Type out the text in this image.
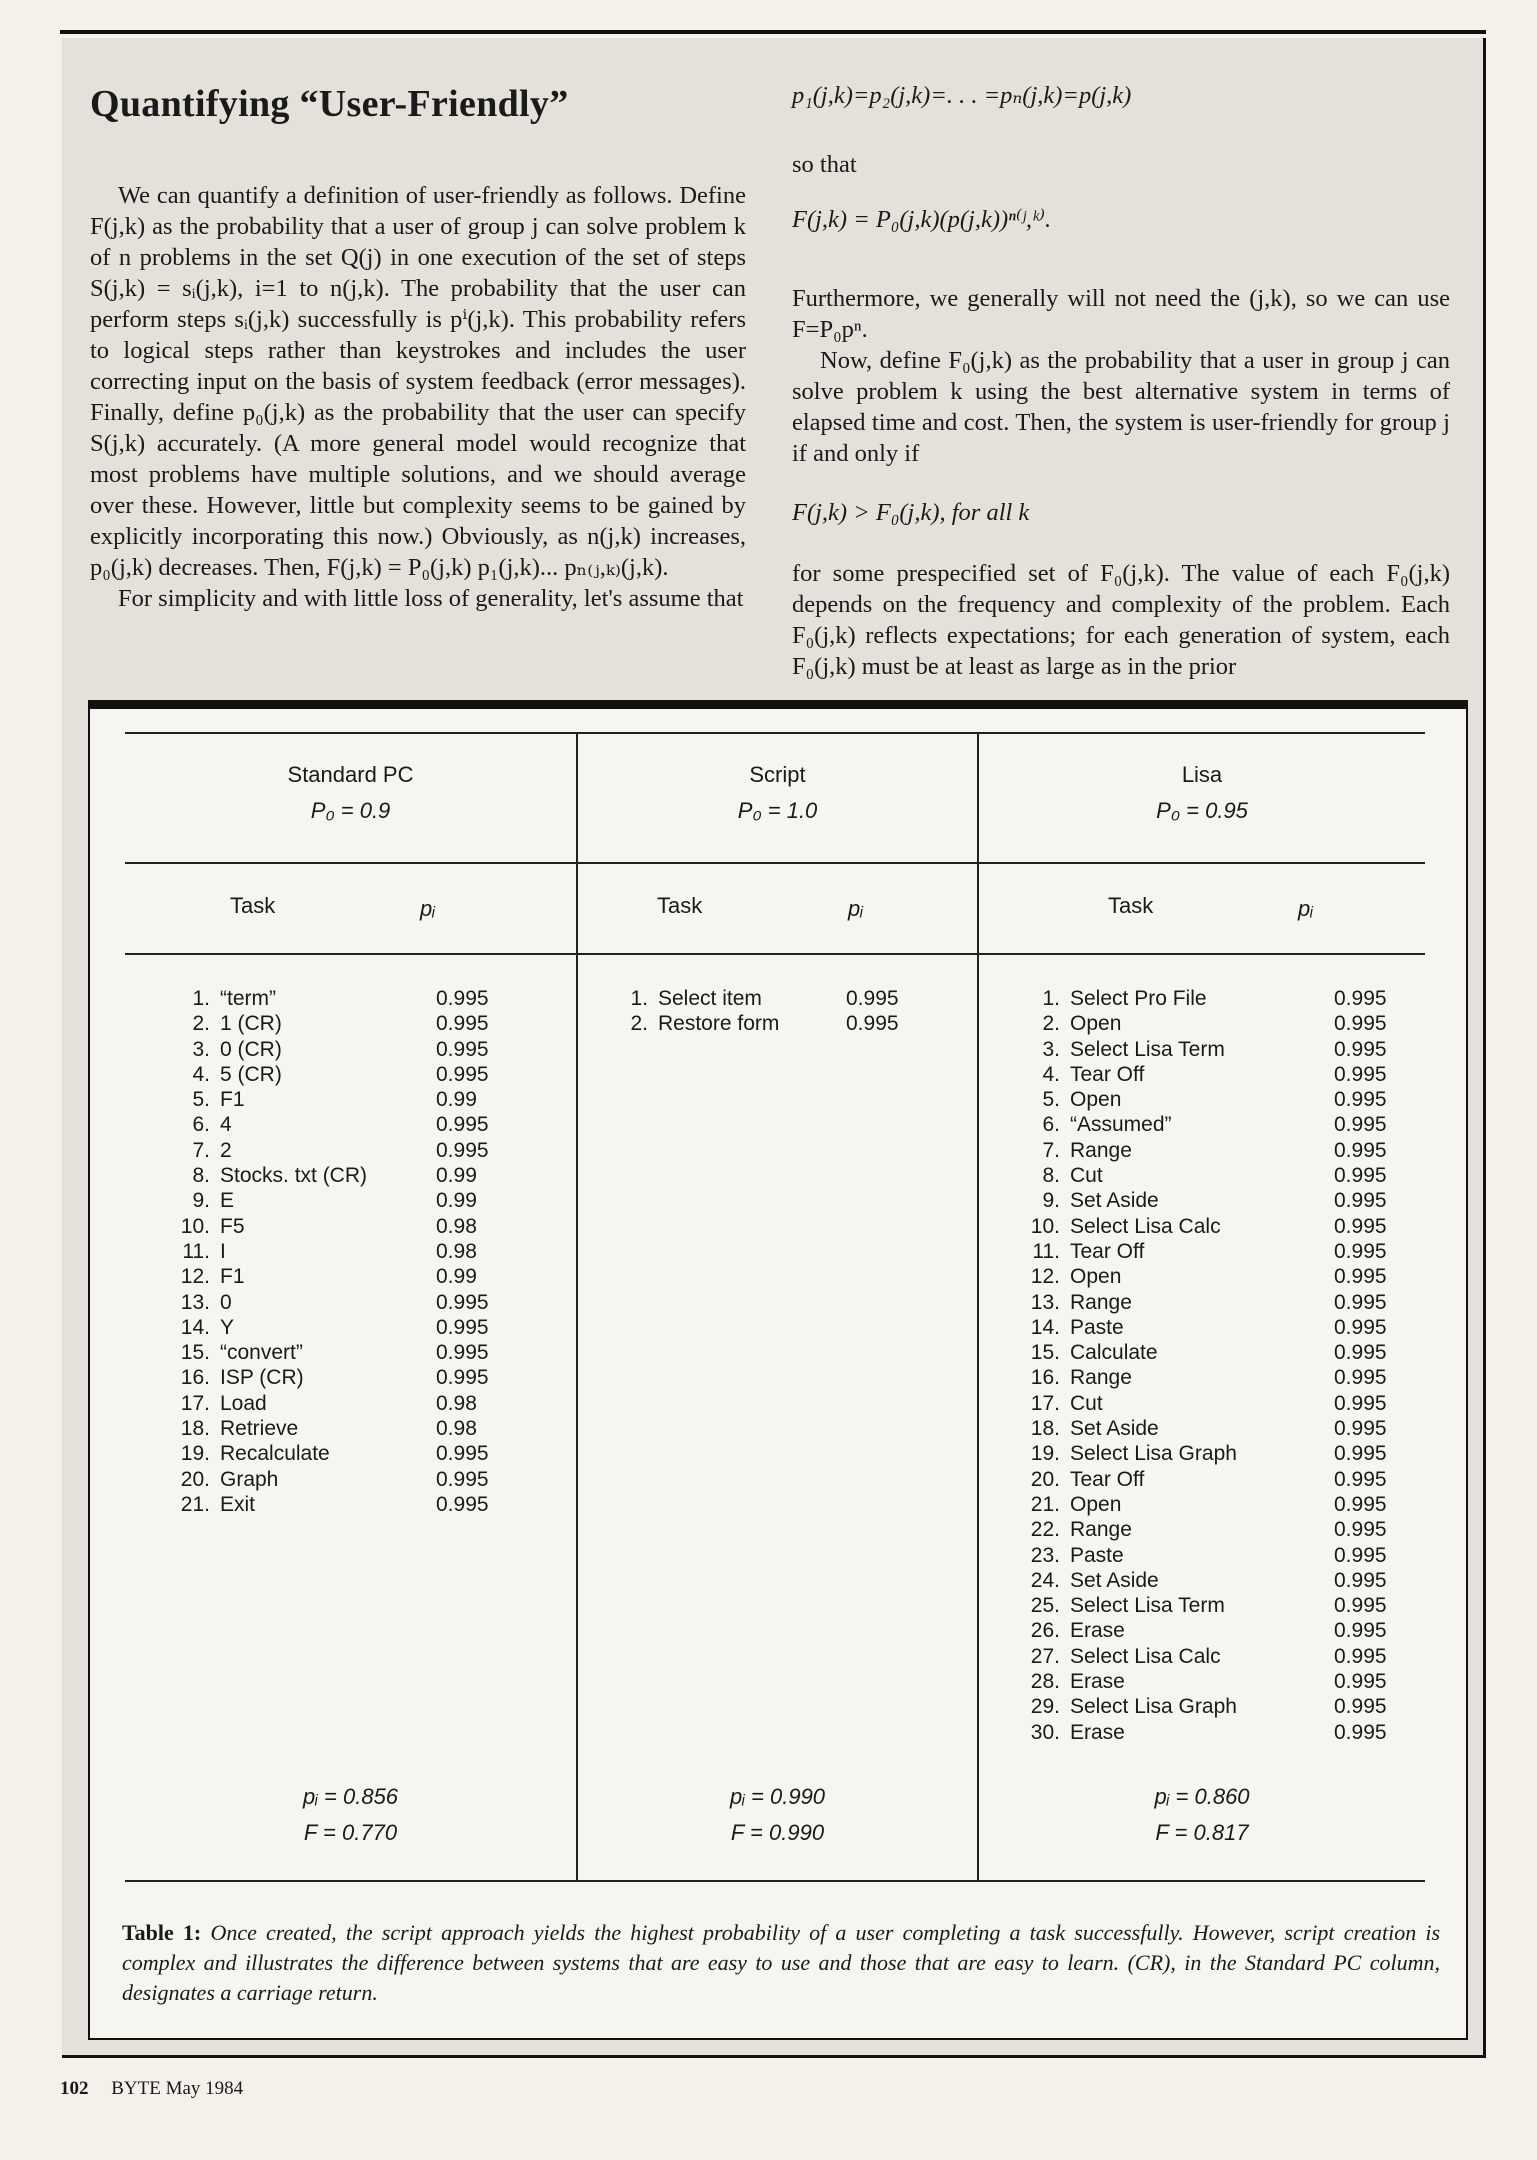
Quantifying “User-Friendly”

We can quantify a definition of user-friendly as follows. Define F(j,k) as the probability that a user of group j can solve problem k of n problems in the set Q(j) in one execution of the set of steps S(j,k) = sᵢ(j,k), i=1 to n(j,k). The probability that the user can perform steps sᵢ(j,k) successfully is pⁱ(j,k). This probability refers to logical steps rather than keystrokes and includes the user correcting input on the basis of system feedback (error messages). Finally, define p₀(j,k) as the probability that the user can specify S(j,k) accurately. (A more general model would recognize that most problems have multiple solutions, and we should average over these. However, little but complexity seems to be gained by explicitly incorporating this now.) Obviously, as n(j,k) increases, p₀(j,k) decreases. Then, F(j,k) = P₀(j,k) p₁(j,k)... pₙ₍ⱼ,ₖ₎(j,k).

For simplicity and with little loss of generality, let's assume that

p₁(j,k)=p₂(j,k)=. . . =pₙ(j,k)=p(j,k)

so that

F(j,k) = P₀(j,k)(p(j,k))ⁿ⁽ʲ,ᵏ⁾.

Furthermore, we generally will not need the (j,k), so we can use F=P₀pⁿ.

Now, define F₀(j,k) as the probability that a user in group j can solve problem k using the best alternative system in terms of elapsed time and cost. Then, the system is user-friendly for group j if and only if

F(j,k) > F₀(j,k), for all k

for some prespecified set of F₀(j,k). The value of each F₀(j,k) depends on the frequency and complexity of the problem. Each F₀(j,k) reflects expectations; for each generation of system, each F₀(j,k) must be at least as large as in the prior

Standard PC
P₀ = 0.9
Task	pᵢ
Script
P₀ = 1.0
Task	pᵢ
Lisa
P₀ = 0.95
Task	pᵢ
1. “term”	0.995
2. 1 (CR)	0.995
3. 0 (CR)	0.995
4. 5 (CR)	0.995
5. F1	0.99
6. 4	0.995
7. 2	0.995
8. Stocks. txt (CR)	0.99
9. E	0.99
10. F5	0.98
11. I	0.98
12. F1	0.99
13. 0	0.995
14. Y	0.995
15. “convert”	0.995
16. ISP (CR)	0.995
17. Load	0.98
18. Retrieve	0.98
19. Recalculate	0.995
20. Graph	0.995
21. Exit	0.995
1. Select item	0.995
2. Restore form	0.995
1. Select Pro File	0.995
2. Open	0.995
3. Select Lisa Term	0.995
4. Tear Off	0.995
5. Open	0.995
6. “Assumed”	0.995
7. Range	0.995
8. Cut	0.995
9. Set Aside	0.995
10. Select Lisa Calc	0.995
11. Tear Off	0.995
12. Open	0.995
13. Range	0.995
14. Paste	0.995
15. Calculate	0.995
16. Range	0.995
17. Cut	0.995
18. Set Aside	0.995
19. Select Lisa Graph	0.995
20. Tear Off	0.995
21. Open	0.995
22. Range	0.995
23. Paste	0.995
24. Set Aside	0.995
25. Select Lisa Term	0.995
26. Erase	0.995
27. Select Lisa Calc	0.995
28. Erase	0.995
29. Select Lisa Graph	0.995
30. Erase	0.995
pᵢ = 0.856
F = 0.770
pᵢ = 0.990
F = 0.990
pᵢ = 0.860
F = 0.817
Table 1: Once created, the script approach yields the highest probability of a user completing a task successfully. However, script creation is complex and illustrates the difference between systems that are easy to use and those that are easy to learn. (CR), in the Standard PC column, designates a carriage return.
102 BYTE May 1984
